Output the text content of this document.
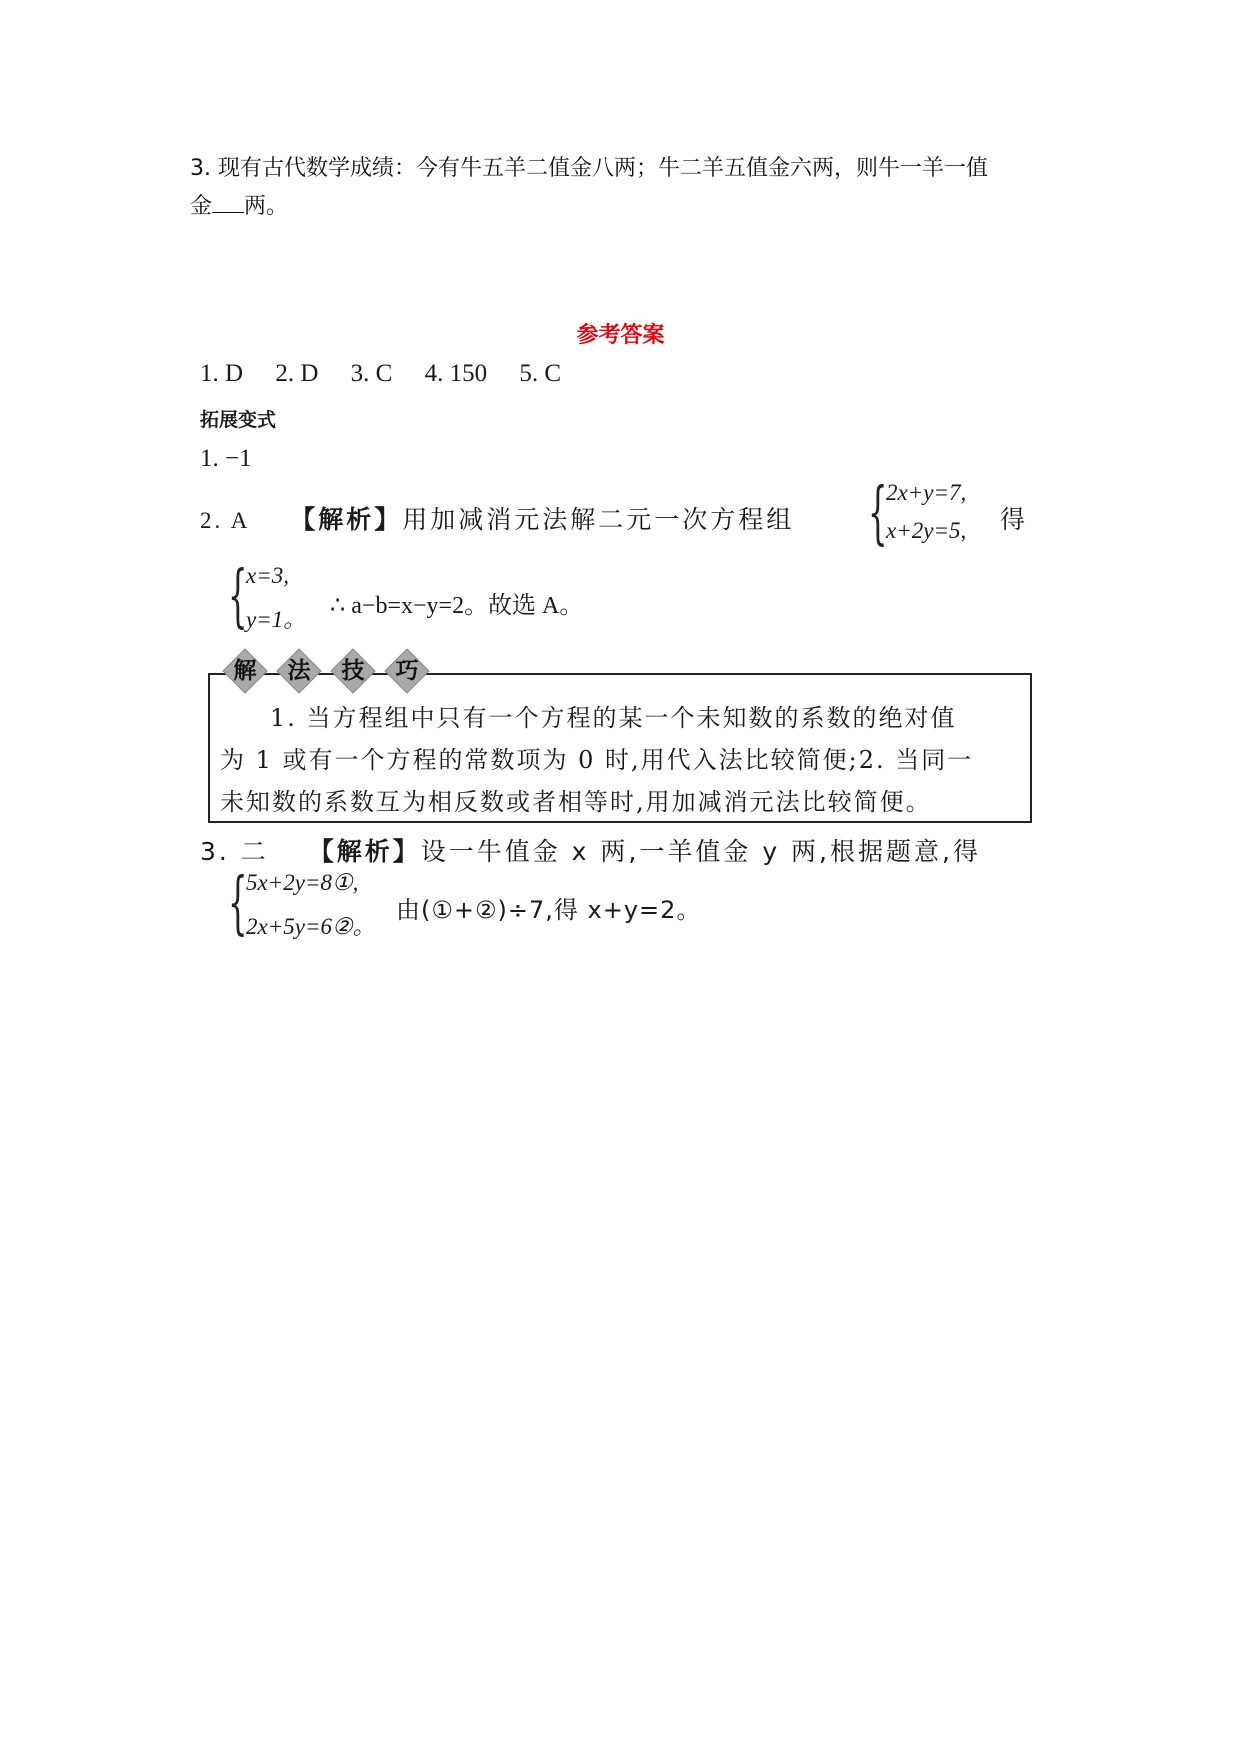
3. 现有古代数学成绩：今有牛五羊二值金八两；牛二羊五值金六两，则牛一羊一值
金 两。
参考答案
1. D 2. D 3. C 4. 150 5. C
拓展变式
1. −1
2. A 【解析】用加减消元法解二元一次方程组 {
2x+y=7,
x+2y=5, 得
{
x=3,
y=1。
∴ a−b=x−y=2。故选 A。
解	法	技	巧
1. 当方程组中只有一个方程的某一个未知数的系数的绝对值
为 1 或有一个方程的常数项为 0 时,用代入法比较简便;2. 当同一
未知数的系数互为相反数或者相等时,用加减消元法比较简便。
3. 二 【解析】设一牛值金 x 两,一羊值金 y 两,根据题意,得
{
5x+2y=8①,
2x+5y=6②。
由(①+②)÷7,得 x+y=2。
